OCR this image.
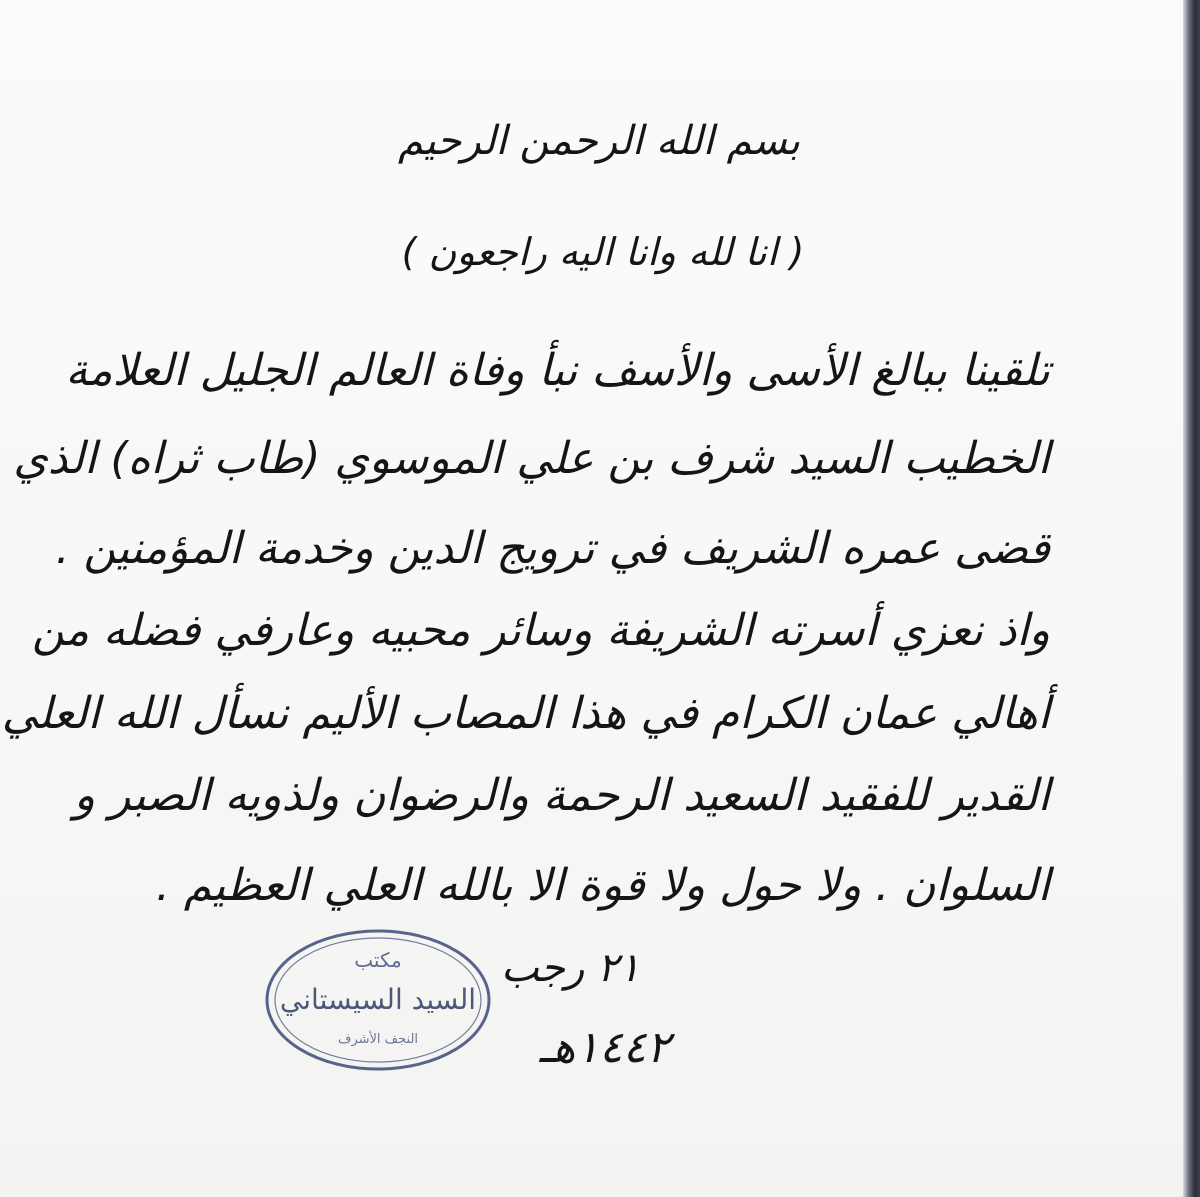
بسم الله الرحمن الرحيم
( انا لله وانا اليه راجعون )
تلقينا ببالغ الأسى والأسف نبأ وفاة العالم الجليل العلامة
الخطيب السيد شرف بن علي الموسوي (طاب ثراه) الذي
قضى عمره الشريف في ترويج الدين وخدمة المؤمنين .
واذ نعزي أسرته الشريفة وسائر محبيه وعارفي فضله من
أهالي عمان الكرام في هذا المصاب الأليم نسأل الله العلي
القدير للفقيد السعيد الرحمة والرضوان ولذويه الصبر و
السلوان . ولا حول ولا قوة الا بالله العلي العظيم .
٢١ رجب
١٤٤٢هـ
مكتب
السيد السيستاني
النجف الأشرف
